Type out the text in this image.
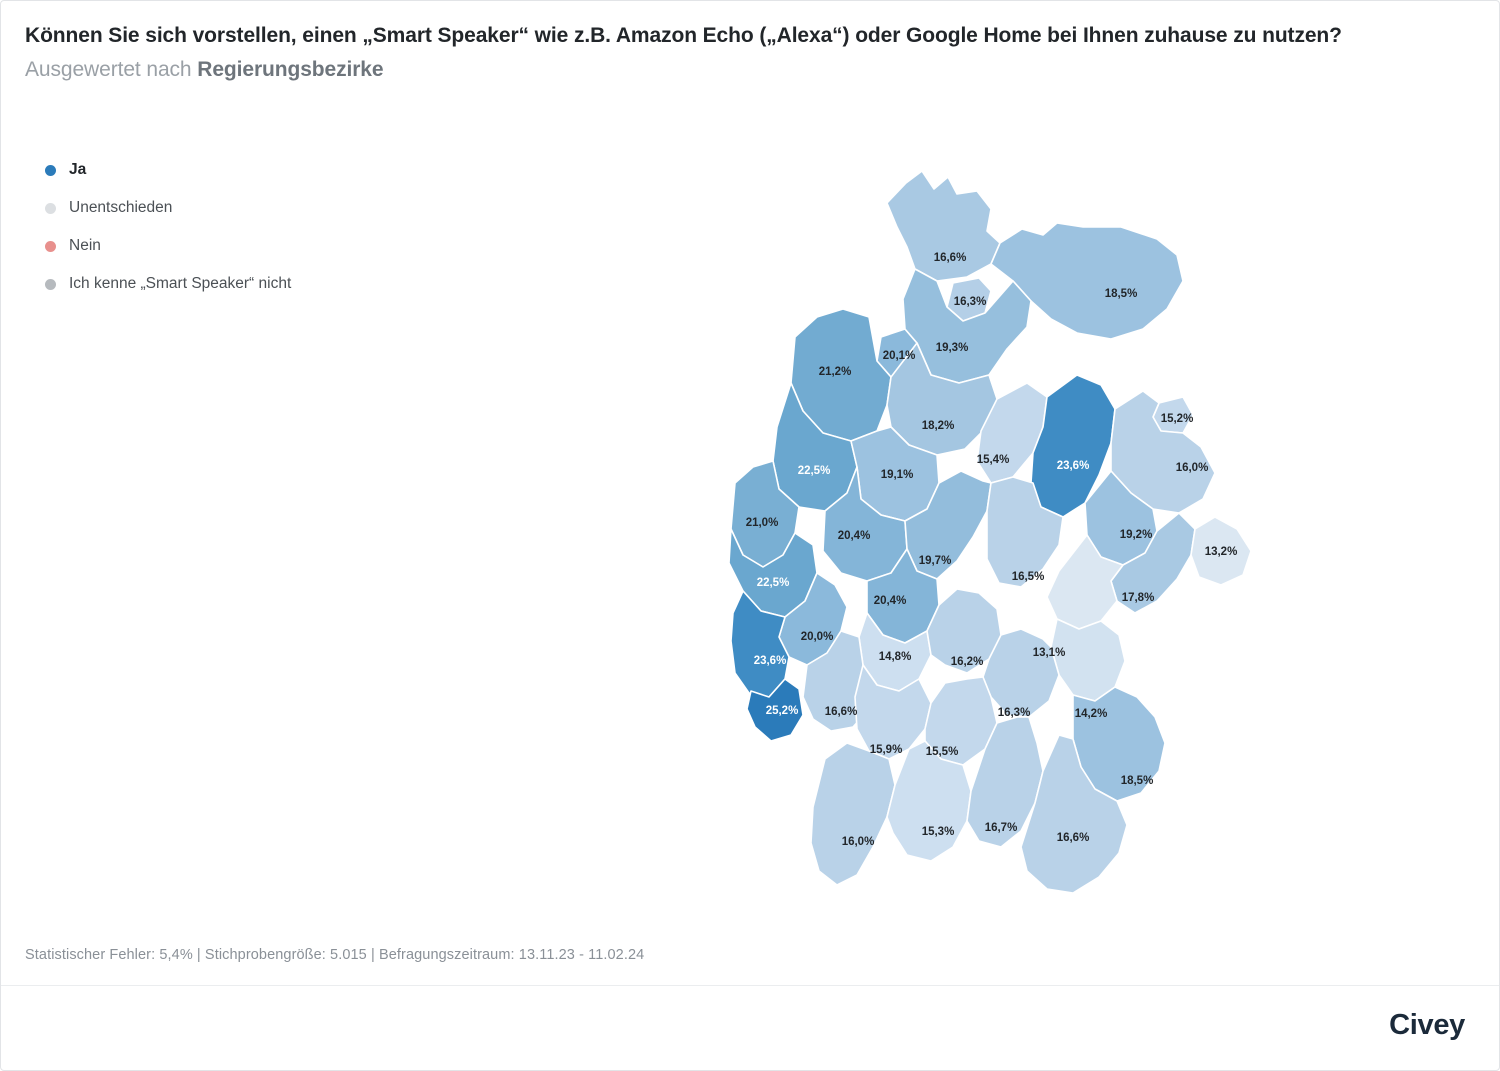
Können Sie sich vorstellen, einen „Smart Speaker“ wie z.B. Amazon Echo („Alexa“) oder Google Home bei Ihnen zuhause zu nutzen? Ausgewertet nach Regierungsbezirke
Ja
Unentschieden
Nein
Ich kenne „Smart Speaker“ nicht
16,6%
18,5%
16,3%
20,1%
19,3%
21,2%
18,2%
15,4%	23,6%
15,2%
16,0%
22,5%	19,1%
21,0%
20,4%
22,5%
19,7%
16,5%
19,2%
17,8%
13,2%
20,4%
20,0%
23,6%
13,1%
14,8%	16,2%
25,2% 16,6%	14,2%
16,3%
15,9% 15,5%
18,5%
16,0%
15,3%	16,7%
16,6%
Statistischer Fehler: 5,4% | Stichprobengröße: 5.015 | Befragungszeitraum: 13.11.23 - 11.02.24
Civey
